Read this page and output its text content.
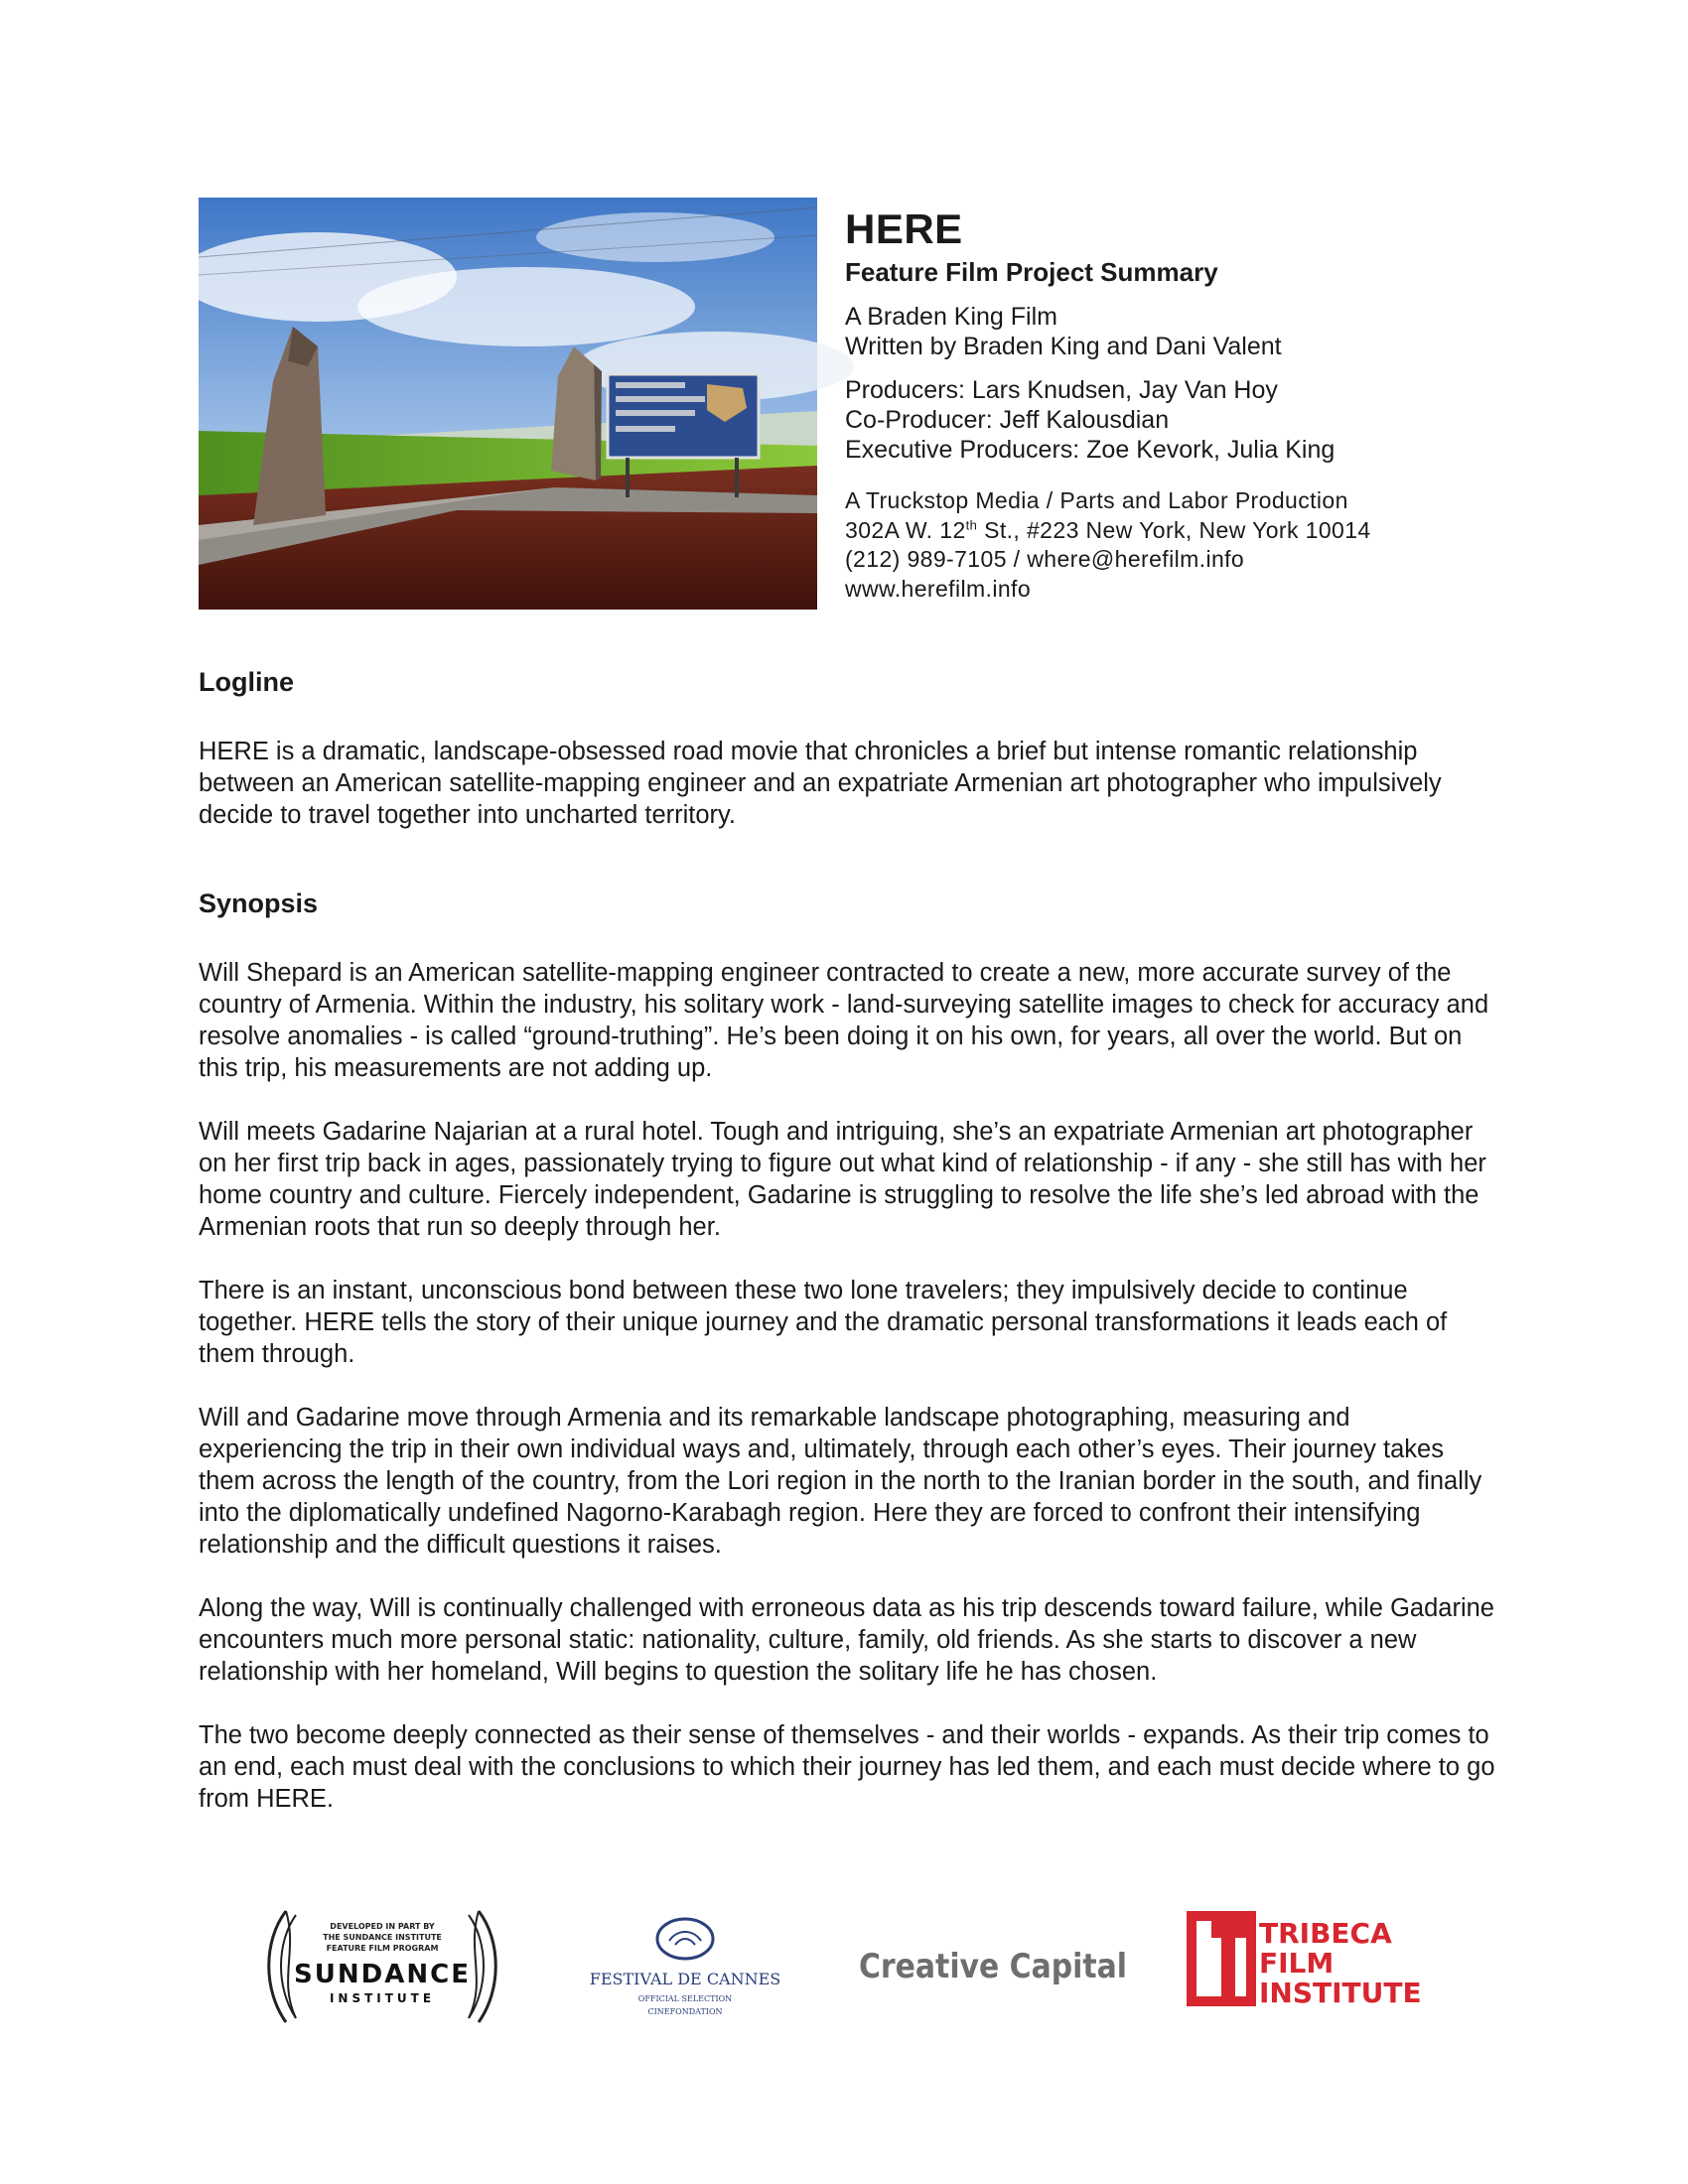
HERE
Feature Film Project Summary
A Braden King Film
Written by Braden King and Dani Valent
Producers: Lars Knudsen, Jay Van Hoy
Co-Producer: Jeff Kalousdian
Executive Producers: Zoe Kevork, Julia King
A Truckstop Media / Parts and Labor Production
302A W. 12th St., #223 New York, New York 10014
(212) 989-7105 / where@herefilm.info
www.herefilm.info
Logline

HERE is a dramatic, landscape-obsessed road movie that chronicles a brief but intense romantic relationship between an American satellite-mapping engineer and an expatriate Armenian art photographer who impulsively decide to travel together into uncharted territory.

Synopsis

Will Shepard is an American satellite-mapping engineer contracted to create a new, more accurate survey of the country of Armenia. Within the industry, his solitary work - land-surveying satellite images to check for accuracy and resolve anomalies - is called “ground-truthing”. He’s been doing it on his own, for years, all over the world. But on this trip, his measurements are not adding up.

Will meets Gadarine Najarian at a rural hotel. Tough and intriguing, she’s an expatriate Armenian art photographer on her first trip back in ages, passionately trying to figure out what kind of relationship - if any - she still has with her home country and culture. Fiercely independent, Gadarine is struggling to resolve the life she’s led abroad with the Armenian roots that run so deeply through her.

There is an instant, unconscious bond between these two lone travelers; they impulsively decide to continue together. HERE tells the story of their unique journey and the dramatic personal transformations it leads each of them through.

Will and Gadarine move through Armenia and its remarkable landscape photographing, measuring and experiencing the trip in their own individual ways and, ultimately, through each other’s eyes. Their journey takes them across the length of the country, from the Lori region in the north to the Iranian border in the south, and finally into the diplomatically undefined Nagorno-Karabagh region. Here they are forced to confront their intensifying relationship and the difficult questions it raises.

Along the way, Will is continually challenged with erroneous data as his trip descends toward failure, while Gadarine encounters much more personal static: nationality, culture, family, old friends. As she starts to discover a new relationship with her homeland, Will begins to question the solitary life he has chosen.

The two become deeply connected as their sense of themselves - and their worlds - expands. As their trip comes to an end, each must deal with the conclusions to which their journey has led them, and each must decide where to go from HERE.

DEVELOPED IN PART BY
THE SUNDANCE INSTITUTE
FEATURE FILM PROGRAM
SUNDANCE
INSTITUTE
FESTIVAL DE CANNES
OFFICIAL SELECTION
CINEFONDATION
Creative Capital
TRIBECA
FILM
INSTITUTE
